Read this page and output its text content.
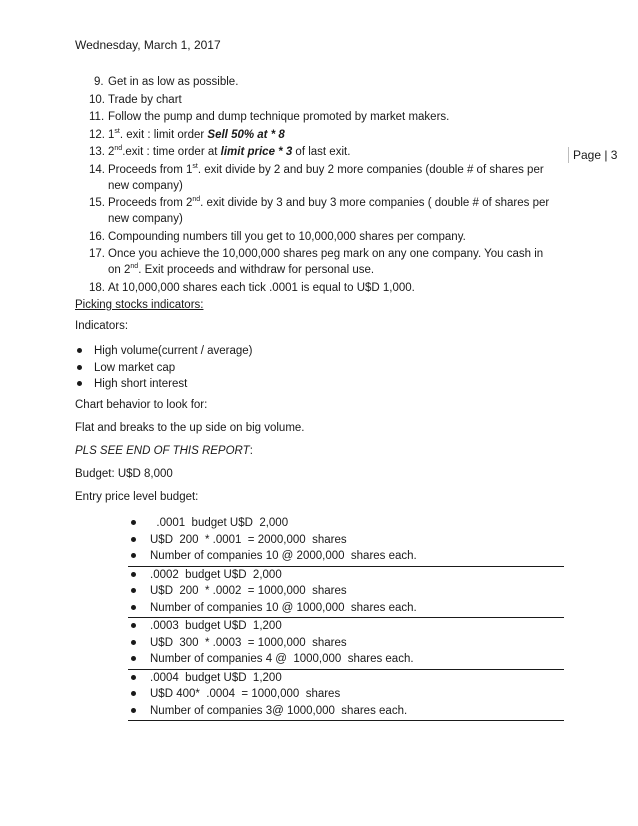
Wednesday, March 1, 2017
Page | 3
9. Get in as low as possible.
10. Trade by chart
11. Follow the pump and dump technique promoted by market makers.
12. 1st. exit : limit order Sell 50% at * 8
13. 2nd.exit : time order at limit price * 3 of last exit.
14. Proceeds from 1st. exit divide by 2 and buy 2 more companies (double # of shares per new company)
15. Proceeds from 2nd. exit divide by 3 and buy 3 more companies ( double # of shares per new company)
16. Compounding numbers till you get to 10,000,000 shares per company.
17. Once you achieve the 10,000,000 shares peg mark on any one company. You cash in on 2nd. Exit proceeds and withdraw for personal use.
18. At 10,000,000 shares each tick .0001 is equal to U$D 1,000.
Picking stocks indicators:
Indicators:
High volume(current / average)
Low market cap
High short interest
Chart behavior to look for:
Flat and breaks to the up side on big volume.
PLS SEE END OF THIS REPORT:
Budget: U$D 8,000
Entry price level budget:
.0001  budget U$D  2,000
U$D  200  * .0001  = 2000,000  shares
Number of companies 10 @ 2000,000  shares each.
.0002  budget U$D  2,000
U$D  200  * .0002  = 1000,000  shares
Number of companies 10 @ 1000,000  shares each.
.0003  budget U$D  1,200
U$D  300  * .0003  = 1000,000  shares
Number of companies 4 @  1000,000  shares each.
.0004  budget U$D  1,200
U$D 400*  .0004  = 1000,000  shares
Number of companies 3@ 1000,000  shares each.
